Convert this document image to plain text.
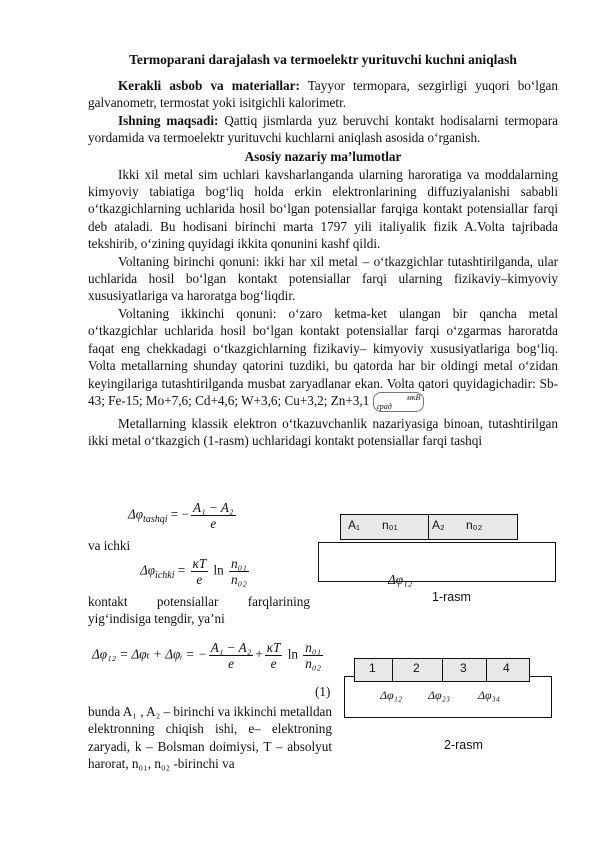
Termoparani darajalash va termoelektr yurituvchi kuchni aniqlash

Kerakli asbob va materiallar: Tayyor termopara, sezgirligi yuqori bo‘lgan galvanometr, termostat yoki isitgichli kalorimetr.

Ishning maqsadi: Qattiq jismlarda yuz beruvchi kontakt hodisalarni termopara yordamida va termoelektr yurituvchi kuchlarni aniqlash asosida o‘rganish.

Asosiy nazariy ma’lumotlar

Ikki xil metal sim uchlari kavsharlanganda ularning haroratiga va moddalarning kimyoviy tabiatiga bog‘liq holda erkin elektronlarining diffuziyalanishi sababli o‘tkazgichlarning uchlarida hosil bo‘lgan potensiallar farqiga kontakt potensiallar farqi deb ataladi. Bu hodisani birinchi marta 1797 yili italiyalik fizik A.Volta tajribada tekshirib, o‘zining quyidagi ikkita qonunini kashf qildi.

Voltaning birinchi qonuni: ikki har xil metal – o‘tkazgichlar tutashtirilganda, ular uchlarida hosil bo‘lgan kontakt potensiallar farqi ularning fizikaviy–kimyoviy xususiyatlariga va haroratga bog‘liqdir.

Voltaning ikkinchi qonuni: o‘zaro ketma-ket ulangan bir qancha metal o‘tkazgichlar uchlarida hosil bo‘lgan kontakt potensiallar farqi o‘zgarmas haroratda faqat eng chekkadagi o‘tkazgichlarning fizikaviy– kimyoviy xususiyatlariga bog‘liq. Volta metallarning shunday qatorini tuzdiki, bu qatorda har bir oldingi metal o‘zidan keyingilariga tutashtirilganda musbat zaryadlanar ekan. Volta qatori quyidagichadir: Sb-43; Fe-15; Mo+7,6; Cd+4,6; W+3,6; Cu+3,2; Zn+3,1	мкВ
град

Metallarning klassik elektron o‘tkazuvchanlik nazariyasiga binoan, tutashtirilgan ikki metal o‘tkazgich (1-rasm) uchlaridagi kontakt potensiallar farqi tashqi

$\Delta\varphi_{tashqi}$ = − $\frac{\text{A₁ − A₂}}{e}$
va ichki
$\Delta\varphi_{ichki} = \frac{\kappa T}{e}$ $\ln \frac{\text{n₀₁}}{\text{n₀₂}}$
kontakt potensiallar farqlarining yig‘indisiga tengdir, ya’ni
Δφ₁₂ = Δφₜ + Δφᵢ = − $\frac{\text{A₁ − A₂}}{e} + \frac{\kappa T}{e}$ $\ln \frac{\text{n₀₁}}{\text{n₀₂}}$
(1)
bunda A₁ , A₂ – birinchi va ikkinchi metalldan elektronning chiqish ishi, e– elektroning zaryadi, k – Bolsman doimiysi, T – absolyut harorat, n₀₁, n₀₂ -birinchi va
A₁ n₀₁	A₂ n₀₂
Δφ₁₂
1-rasm
1	2	3	4
Δφ₁₂ Δφ₂₃ Δφ₃₄
2-rasm
